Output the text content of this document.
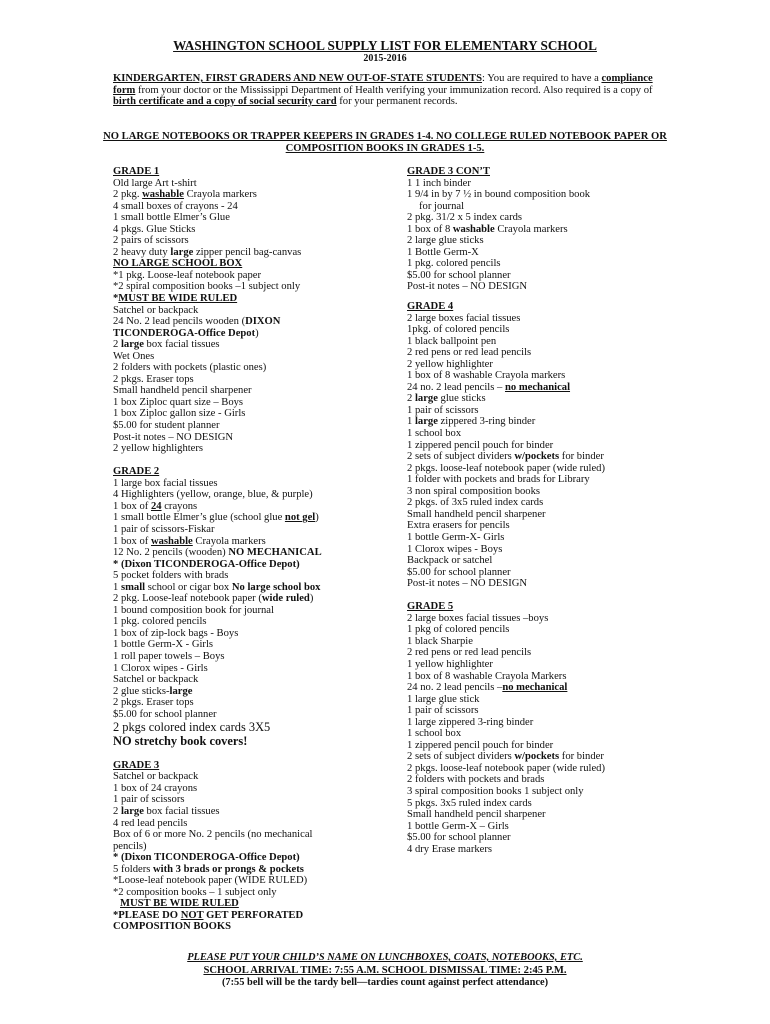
WASHINGTON SCHOOL SUPPLY LIST FOR ELEMENTARY SCHOOL
2015-2016
KINDERGARTEN, FIRST GRADERS AND NEW OUT-OF-STATE STUDENTS: You are required to have a compliance form from your doctor or the Mississippi Department of Health verifying your immunization record. Also required is a copy of birth certificate and a copy of social security card for your permanent records.
NO LARGE NOTEBOOKS OR TRAPPER KEEPERS IN GRADES 1-4. NO COLLEGE RULED NOTEBOOK PAPER OR COMPOSITION BOOKS IN GRADES 1-5.
GRADE 1
Old large Art t-shirt
2 pkg. washable Crayola markers
4 small boxes of crayons - 24
1 small bottle Elmer’s Glue
4 pkgs. Glue Sticks
2 pairs of scissors
2 heavy duty large zipper pencil bag-canvas
NO LARGE SCHOOL BOX
*1 pkg. Loose-leaf notebook paper
*2 spiral composition books –1 subject only
*MUST BE WIDE RULED
Satchel or backpack
24 No. 2 lead pencils wooden (DIXON
TICONDEROGA-Office Depot)
2 large box facial tissues
Wet Ones
2 folders with pockets (plastic ones)
2 pkgs. Eraser tops
Small handheld pencil sharpener
1 box Ziploc quart size – Boys
1 box Ziploc gallon size - Girls
$5.00 for student planner
Post-it notes – NO DESIGN
2 yellow highlighters
GRADE 2
1 large box facial tissues
4 Highlighters (yellow, orange, blue, & purple)
1 box of 24 crayons
1 small bottle Elmer’s glue (school glue not gel)
1 pair of scissors-Fiskar
1 box of washable Crayola markers
12 No. 2 pencils (wooden) NO MECHANICAL
* (Dixon TICONDEROGA-Office Depot)
5 pocket folders with brads
1 small school or cigar box No large school box
2 pkg. Loose-leaf notebook paper (wide ruled)
1 bound composition book for journal
1 pkg. colored pencils
1 box of zip-lock bags - Boys
1 bottle Germ-X - Girls
1 roll paper towels – Boys
1 Clorox wipes - Girls
Satchel or backpack
2 glue sticks-large
2 pkgs. Eraser tops
$5.00 for school planner
2 pkgs colored index cards 3X5
NO stretchy book covers!
GRADE 3
Satchel or backpack
1 box of 24 crayons
1 pair of scissors
2 large box facial tissues
4 red lead pencils
Box of 6 or more No. 2 pencils (no mechanical pencils)
* (Dixon TICONDEROGA-Office Depot)
5 folders with 3 brads or prongs & pockets
*Loose-leaf notebook paper (WIDE RULED)
*2 composition books – 1 subject only
MUST BE WIDE RULED
*PLEASE DO NOT GET PERFORATED
COMPOSITION BOOKS
GRADE 3 CON’T
1 1 inch binder
1 9/4 in by 7 ½ in bound composition book
for journal
2 pkg. 31/2 x 5 index cards
1 box of 8 washable Crayola markers
2 large glue sticks
1 Bottle Germ-X
1 pkg. colored pencils
$5.00 for school planner
Post-it notes – NO DESIGN
GRADE 4
2 large boxes facial tissues
1pkg. of colored pencils
1 black ballpoint pen
2 red pens or red lead pencils
2 yellow highlighter
1 box of 8 washable Crayola markers
24 no. 2 lead pencils – no mechanical
2 large glue sticks
1 pair of scissors
1 large zippered 3-ring binder
1 school box
1 zippered pencil pouch for binder
2 sets of subject dividers w/pockets for binder
2 pkgs. loose-leaf notebook paper (wide ruled)
1 folder with pockets and brads for Library
3 non spiral composition books
2 pkgs. of 3x5 ruled index cards
Small handheld pencil sharpener
Extra erasers for pencils
1 bottle Germ-X- Girls
1 Clorox wipes - Boys
Backpack or satchel
$5.00 for school planner
Post-it notes – NO DESIGN
GRADE 5
2 large boxes facial tissues –boys
1 pkg of colored pencils
1 black Sharpie
2 red pens or red lead pencils
1 yellow highlighter
1 box of 8 washable Crayola Markers
24 no. 2 lead pencils –no mechanical
1 large glue stick
1 pair of scissors
1 large zippered 3-ring binder
1 school box
1 zippered pencil pouch for binder
2 sets of subject dividers w/pockets for binder
2 pkgs. loose-leaf notebook paper (wide ruled)
2 folders with pockets and brads
3 spiral composition books 1 subject only
5 pkgs. 3x5 ruled index cards
Small handheld pencil sharpener
1 bottle Germ-X – Girls
$5.00 for school planner
4 dry Erase markers
PLEASE PUT YOUR CHILD’S NAME ON LUNCHBOXES, COATS, NOTEBOOKS, ETC.
SCHOOL ARRIVAL TIME: 7:55 A.M. SCHOOL DISMISSAL TIME: 2:45 P.M.
(7:55 bell will be the tardy bell—tardies count against perfect attendance)
